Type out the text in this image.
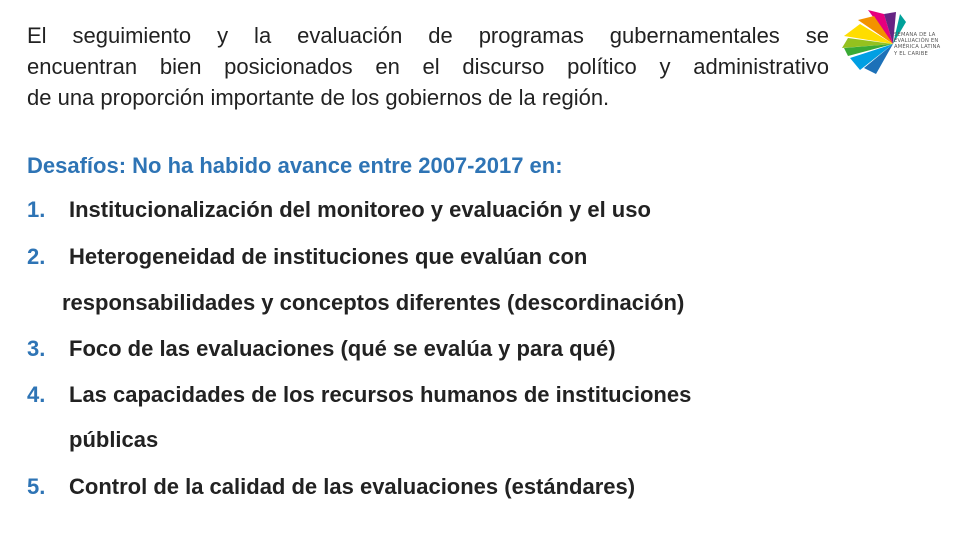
El seguimiento y la evaluación de programas gubernamentales se
encuentran bien posicionados en el discurso político y administrativo
de una proporción importante de los gobiernos de la región.

SEMANA DE LA
EVALUACIÓN EN
AMÉRICA LATINA
Y EL CARIBE

Desafíos: No ha habido avance entre 2007-2017 en:

1. Institucionalización del monitoreo y evaluación y el uso

2. Heterogeneidad de instituciones que evalúan con

responsabilidades y conceptos diferentes (descordinación)

3. Foco de las evaluaciones (qué se evalúa y para qué)

4. Las capacidades de los recursos humanos de instituciones

públicas

5. Control de la calidad de las evaluaciones (estándares)
